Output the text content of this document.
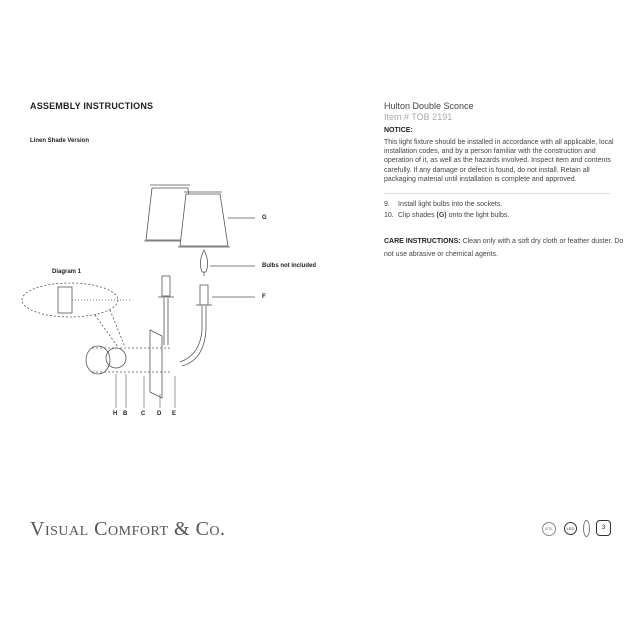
ASSEMBLY INSTRUCTIONS
Linen Shade Version
G
Bulbs not included
F
Diagram 1
H B C D E
Hulton Double Sconce
Item # TOB 2191
NOTICE:
This light fixture should be installed in accordance with all applicable, local installation codes, and by a person familiar with the construction and operation of it, as well as the hazards involved. Inspect item and contents carefully. If any damage or defect is found, do not install. Retain all packaging material until installation is complete and approved.
9. Install light bulbs into the sockets.
10. Clip shades (G) onto the light bulbs.
CARE INSTRUCTIONS: Clean only with a soft dry cloth or feather duster. Do not use abrasive or chemical agents.
Visual Comfort & Co.	ETL	LED	3
